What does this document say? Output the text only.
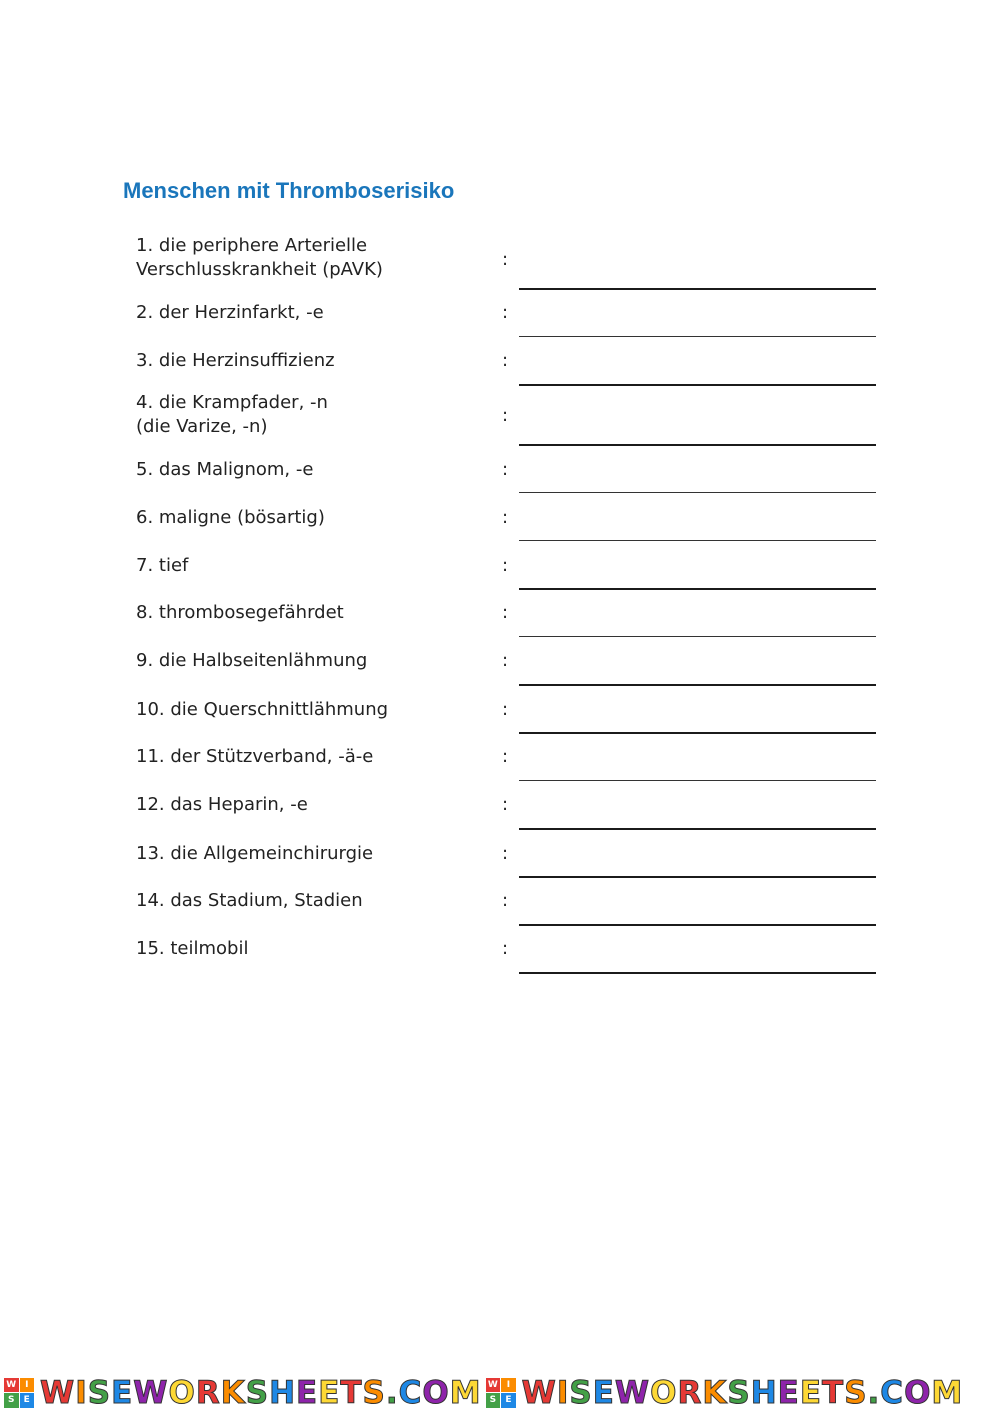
Menschen mit Thromboserisiko
1. die periphere Arterielle
Verschlusskrankheit (pAVK)	:
2. der Herzinfarkt, -e	:
3. die Herzinsuffizienz	:
4. die Krampfader, -n
(die Varize, -n)
:
5. das Malignom, -e	:
6. maligne (bösartig)	:
7. tief	:
8. thrombosegefährdet	:
9. die Halbseitenlähmung	:
10. die Querschnittlähmung	:
11. der Stützverband, -ä-e	:
12. das Heparin, -e	:
13. die Allgemeinchirurgie	:
14. das Stadium, Stadien	:
15. teilmobil	:
W I
S	E WISEWORKSHEETS.COM W I
S	E WISEWORKSHEETS.COM
